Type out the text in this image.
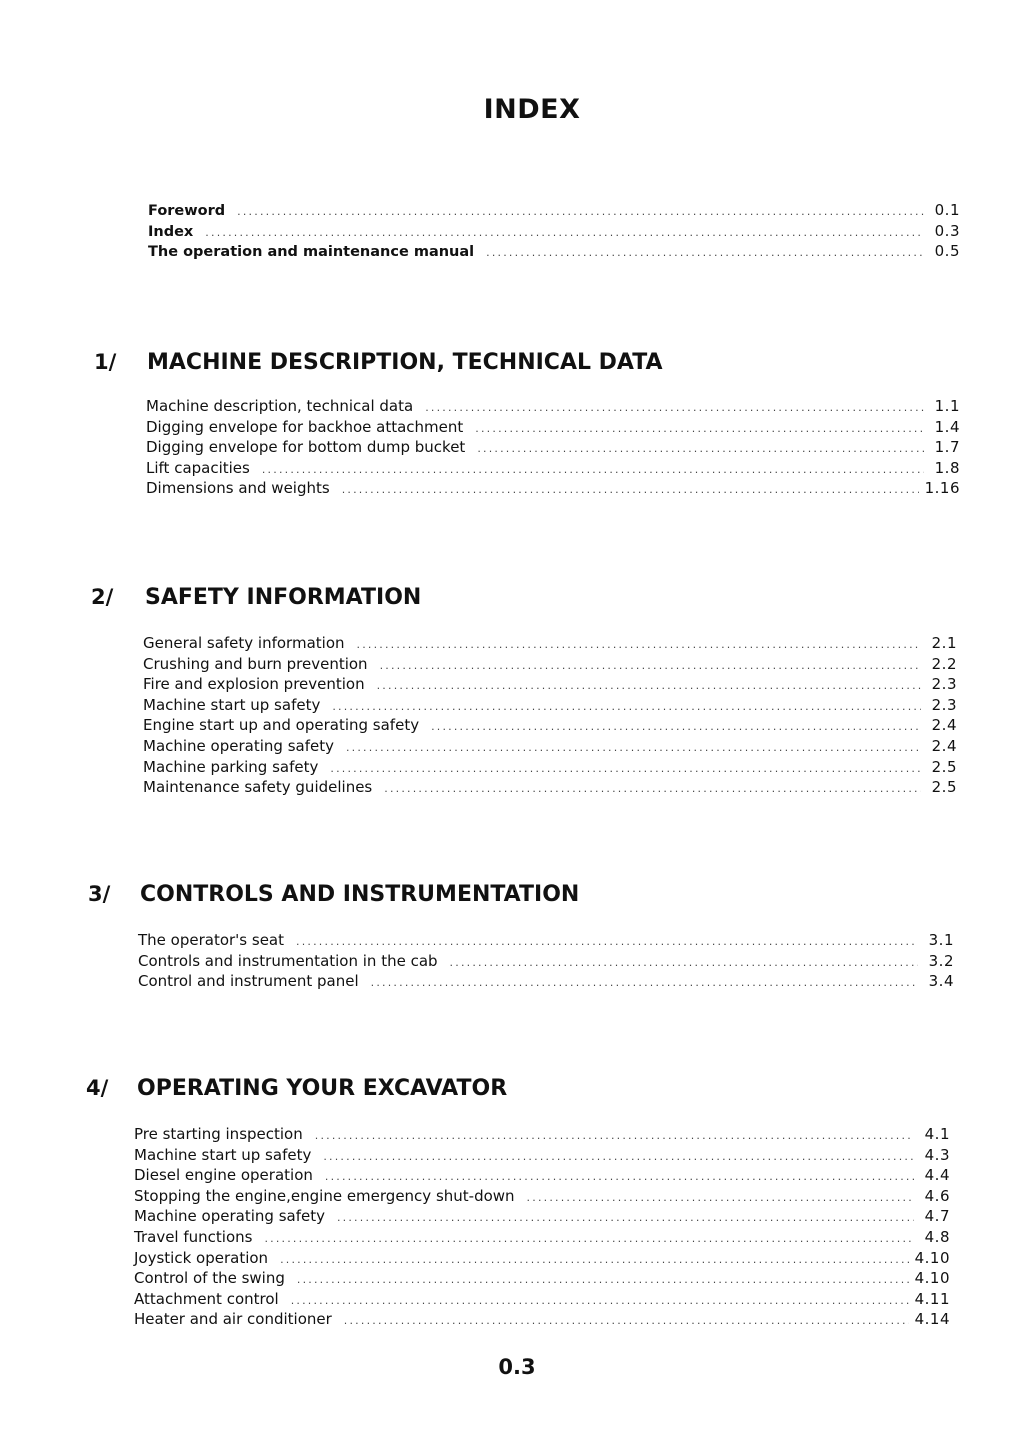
INDEX
Foreword .....	0.1
Index .....	0.3
The operation and maintenance manual .....	0.5
1/ MACHINE DESCRIPTION, TECHNICAL DATA
Machine description, technical data .....	1.1
Digging envelope for backhoe attachment .....	1.4
Digging envelope for bottom dump bucket .....	1.7
Lift capacities .....	1.8
Dimensions and weights .....	1.16
2/ SAFETY INFORMATION
General safety information .....	2.1
Crushing and burn prevention .....	2.2
Fire and explosion prevention .....	2.3
Machine start up safety .....	2.3
Engine start up and operating safety .....	2.4
Machine operating safety .....	2.4
Machine parking safety .....	2.5
Maintenance safety guidelines .....	2.5
3/ CONTROLS AND INSTRUMENTATION
The operator's seat .....	3.1
Controls and instrumentation in the cab .....	3.2
Control and instrument panel .....	3.4
4/ OPERATING YOUR EXCAVATOR
Pre starting inspection .....	4.1
Machine start up safety .....	4.3
Diesel engine operation .....	4.4
Stopping the engine,engine emergency shut-down .....	4.6
Machine operating safety .....	4.7
Travel functions .....	4.8
Joystick operation .....	4.10
Control of the swing .....	4.10
Attachment control .....	4.11
Heater and air conditioner .....	4.14
0.3
